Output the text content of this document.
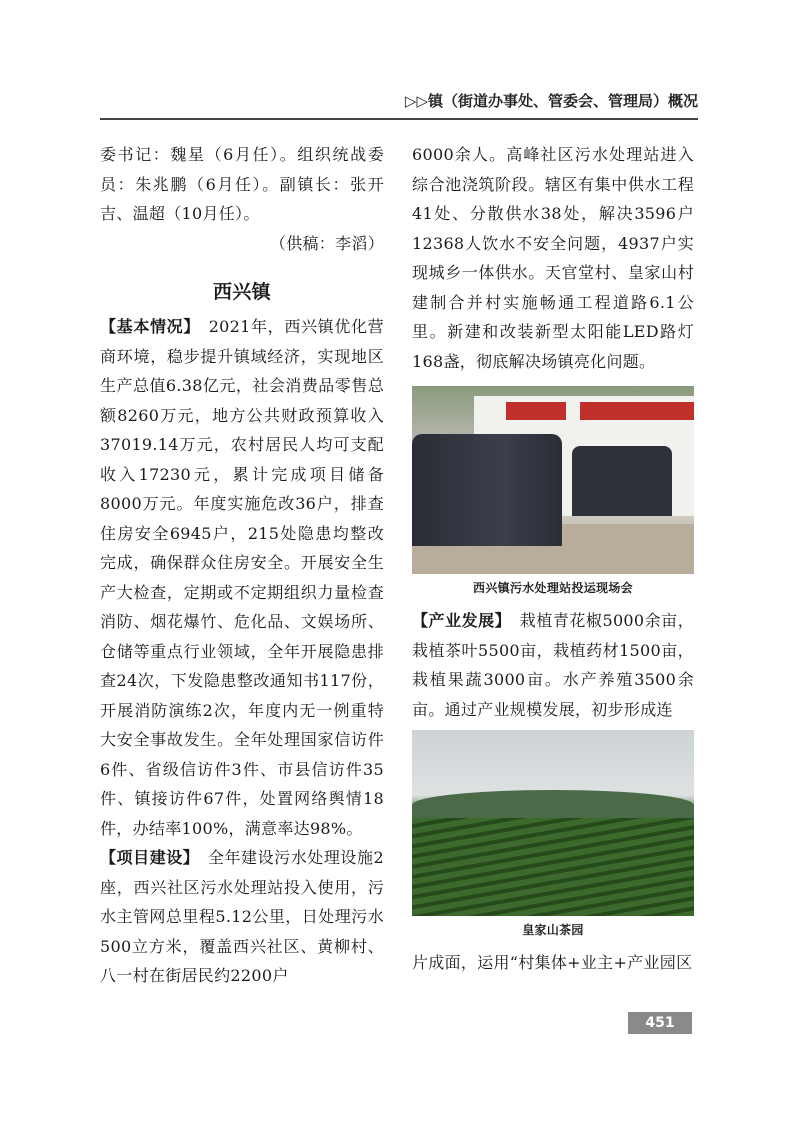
▷▷镇（街道办事处、管委会、管理局）概况

委书记：魏星（6月任）。组织统战委员：朱兆鹏（6月任）。副镇长：张开吉、温超（10月任）。

（供稿：李滔）

西兴镇

【基本情况】　 2021年，西兴镇优化营商环境，稳步提升镇域经济，实现地区生产总值6.38亿元，社会消费品零售总额8260万元，地方公共财政预算收入37019.14万元，农村居民人均可支配收入17230元，累计完成项目储备8000万元。年度实施危改36户，排查住房安全6945户，215处隐患均整改完成，确保群众住房安全。开展安全生产大检查，定期或不定期组织力量检查消防、烟花爆竹、危化品、文娱场所、仓储等重点行业领域，全年开展隐患排查24次，下发隐患整改通知书117份，开展消防演练2次，年度内无一例重特大安全事故发生。全年处理国家信访件6件、省级信访件3件、市县信访件35件、镇接访件67件，处置网络舆情18件，办结率100%，满意率达98%。

【项目建设】　 全年建设污水处理设施2座，西兴社区污水处理站投入使用，污水主管网总里程5.12公里，日处理污水500立方米，覆盖西兴社区、黄柳村、八一村在街居民约2200户

6000余人。高峰社区污水处理站进入综合池浇筑阶段。辖区有集中供水工程41处、分散供水38处，解决3596户12368人饮水不安全问题，4937户实现城乡一体供水。天官堂村、皇家山村建制合并村实施畅通工程道路6.1公里。新建和改装新型太阳能LED路灯168盏，彻底解决场镇亮化问题。

西兴镇污水处理站投运现场会

【产业发展】　 栽植青花椒5000余亩，栽植茶叶5500亩，栽植药材1500亩，栽植果蔬3000亩。水产养殖3500余亩。通过产业规模发展，初步形成连

皇家山茶园

片成面，运用“村集体+业主+产业园区

451
